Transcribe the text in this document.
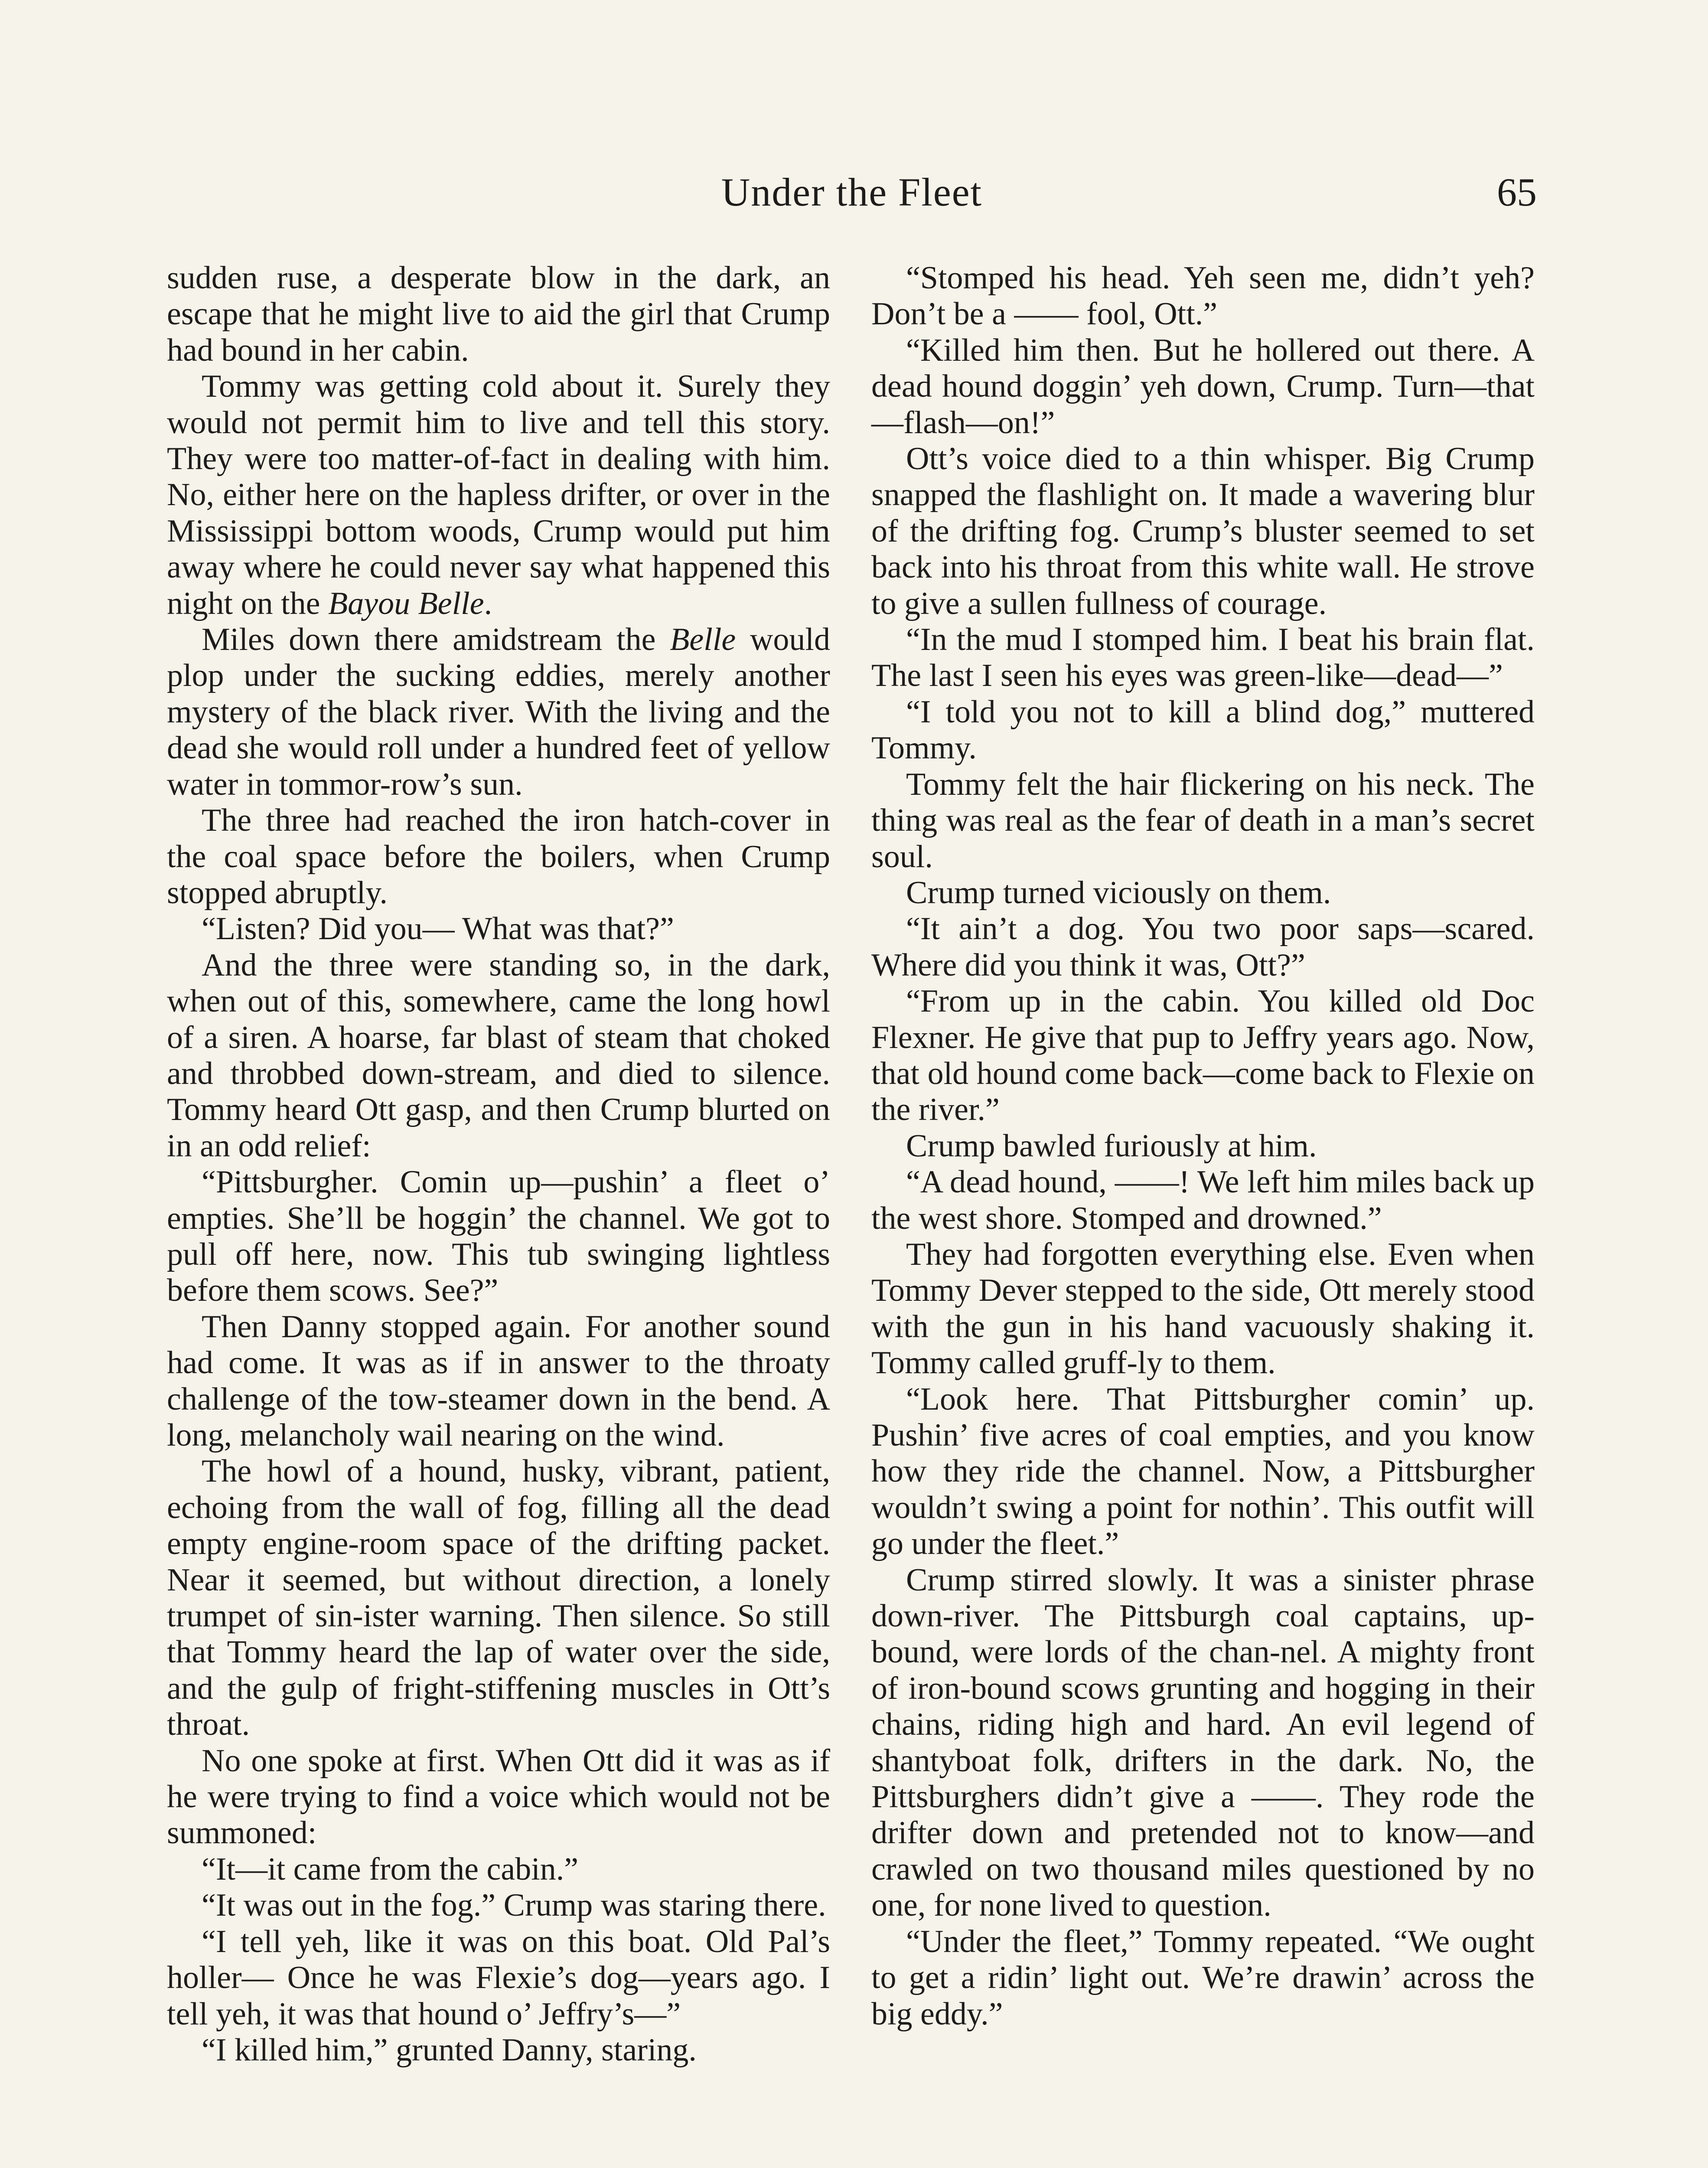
Under the Fleet	65

sudden ruse, a desperate blow in the dark, an escape that he might live to aid the girl that Crump had bound in her cabin.

Tommy was getting cold about it. Surely they would not permit him to live and tell this story. They were too matter-of-fact in dealing with him. No, either here on the hapless drifter, or over in the Mississippi bottom woods, Crump would put him away where he could never say what happened this night on the Bayou Belle.

Miles down there amidstream the Belle would plop under the sucking eddies, merely another mystery of the black river. With the living and the dead she would roll under a hundred feet of yellow water in tommor-row’s sun.

The three had reached the iron hatch-cover in the coal space before the boilers, when Crump stopped abruptly.

“Listen? Did you— What was that?”

And the three were standing so, in the dark, when out of this, somewhere, came the long howl of a siren. A hoarse, far blast of steam that choked and throbbed down-stream, and died to silence. Tommy heard Ott gasp, and then Crump blurted on in an odd relief:

“Pittsburgher. Comin up—pushin’ a fleet o’ empties. She’ll be hoggin’ the channel. We got to pull off here, now. This tub swinging lightless before them scows. See?”

Then Danny stopped again. For another sound had come. It was as if in answer to the throaty challenge of the tow-steamer down in the bend. A long, melancholy wail nearing on the wind.

The howl of a hound, husky, vibrant, patient, echoing from the wall of fog, filling all the dead empty engine-room space of the drifting packet. Near it seemed, but without direction, a lonely trumpet of sin-ister warning. Then silence. So still that Tommy heard the lap of water over the side, and the gulp of fright-stiffening muscles in Ott’s throat.

No one spoke at first. When Ott did it was as if he were trying to find a voice which would not be summoned:

“It—it came from the cabin.”

“It was out in the fog.” Crump was staring there.

“I tell yeh, like it was on this boat. Old Pal’s holler— Once he was Flexie’s dog—years ago. I tell yeh, it was that hound o’ Jeffry’s—”

“I killed him,” grunted Danny, staring.

“Stomped his head. Yeh seen me, didn’t yeh? Don’t be a —— fool, Ott.”

“Killed him then. But he hollered out there. A dead hound doggin’ yeh down, Crump. Turn—that—flash—on!”

Ott’s voice died to a thin whisper. Big Crump snapped the flashlight on. It made a wavering blur of the drifting fog. Crump’s bluster seemed to set back into his throat from this white wall. He strove to give a sullen fullness of courage.

“In the mud I stomped him. I beat his brain flat. The last I seen his eyes was green-like—dead—”

“I told you not to kill a blind dog,” muttered Tommy.

Tommy felt the hair flickering on his neck. The thing was real as the fear of death in a man’s secret soul.

Crump turned viciously on them.

“It ain’t a dog. You two poor saps—scared. Where did you think it was, Ott?”

“From up in the cabin. You killed old Doc Flexner. He give that pup to Jeffry years ago. Now, that old hound come back—come back to Flexie on the river.”

Crump bawled furiously at him.

“A dead hound, ——! We left him miles back up the west shore. Stomped and drowned.”

They had forgotten everything else. Even when Tommy Dever stepped to the side, Ott merely stood with the gun in his hand vacuously shaking it. Tommy called gruff-ly to them.

“Look here. That Pittsburgher comin’ up. Pushin’ five acres of coal empties, and you know how they ride the channel. Now, a Pittsburgher wouldn’t swing a point for nothin’. This outfit will go under the fleet.”

Crump stirred slowly. It was a sinister phrase down-river. The Pittsburgh coal captains, up-bound, were lords of the chan-nel. A mighty front of iron-bound scows grunting and hogging in their chains, riding high and hard. An evil legend of shantyboat folk, drifters in the dark. No, the Pittsburghers didn’t give a ——. They rode the drifter down and pretended not to know—and crawled on two thousand miles questioned by no one, for none lived to question.

“Under the fleet,” Tommy repeated. “We ought to get a ridin’ light out. We’re drawin’ across the big eddy.”
